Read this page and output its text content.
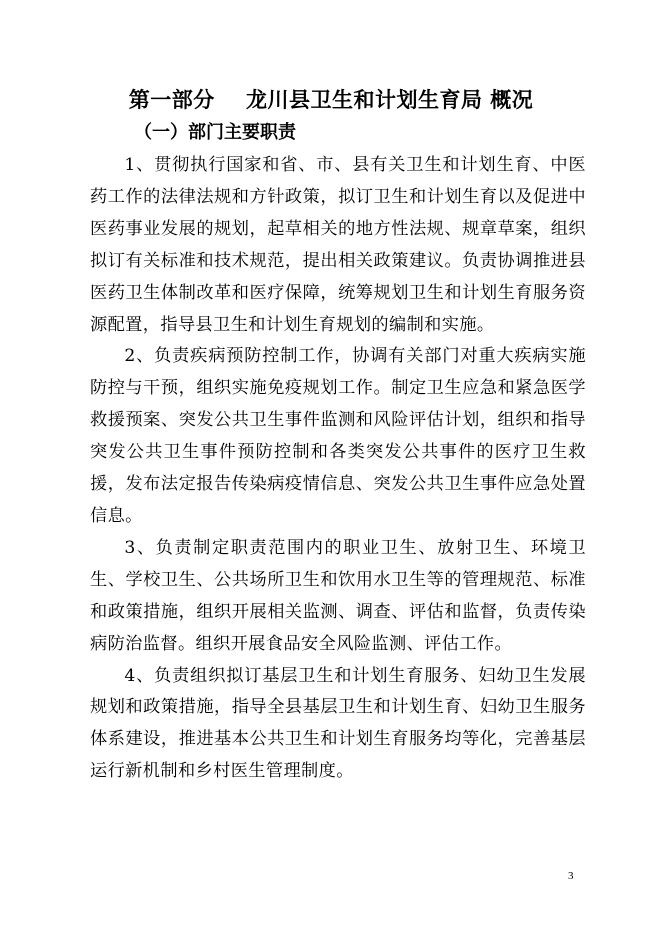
第一部分    龙川县卫生和计划生育局 概况
（一）部门主要职责

1、贯彻执行国家和省、市、县有关卫生和计划生育、中医药工作的法律法规和方针政策，拟订卫生和计划生育以及促进中医药事业发展的规划，起草相关的地方性法规、规章草案，组织拟订有关标准和技术规范，提出相关政策建议。负责协调推进县医药卫生体制改革和医疗保障，统筹规划卫生和计划生育服务资源配置，指导县卫生和计划生育规划的编制和实施。

2、负责疾病预防控制工作，协调有关部门对重大疾病实施防控与干预，组织实施免疫规划工作。制定卫生应急和紧急医学救援预案、突发公共卫生事件监测和风险评估计划，组织和指导突发公共卫生事件预防控制和各类突发公共事件的医疗卫生救援，发布法定报告传染病疫情信息、突发公共卫生事件应急处置信息。

3、负责制定职责范围内的职业卫生、放射卫生、环境卫生、学校卫生、公共场所卫生和饮用水卫生等的管理规范、标准和政策措施，组织开展相关监测、调查、评估和监督，负责传染病防治监督。组织开展食品安全风险监测、评估工作。

4、负责组织拟订基层卫生和计划生育服务、妇幼卫生发展规划和政策措施，指导全县基层卫生和计划生育、妇幼卫生服务体系建设，推进基本公共卫生和计划生育服务均等化，完善基层运行新机制和乡村医生管理制度。

3
